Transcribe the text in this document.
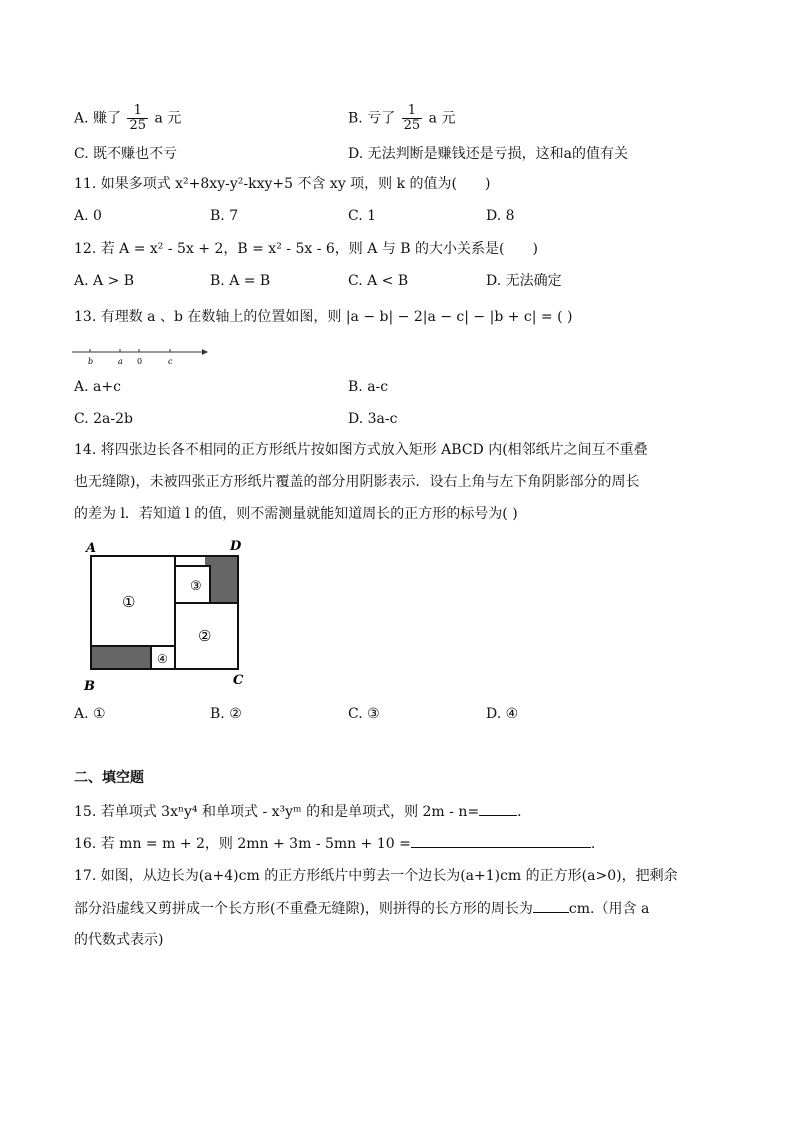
A. 赚了 $\frac{1}{25}$ a 元	B. 亏了 $\frac{1}{25}$ a 元
C. 既不赚也不亏	D. 无法判断是赚钱还是亏损，这和a的值有关
11. 如果多项式 x²+8xy-y²-kxy+5 不含 xy 项，则 k 的值为(　　)
A. 0	B. 7	C. 1	D. 8
12. 若 A = x² - 5x + 2，B = x² - 5x - 6，则 A 与 B 的大小关系是(　　)
A. A > B	B. A = B	C. A < B	D. 无法确定
13. 有理数 a 、b 在数轴上的位置如图，则 |a − b| − 2|a − c| − |b + c| = ( )
b	a 0	c
A. a+c	B. a-c
C. 2a-2b	D. 3a-c
14. 将四张边长各不相同的正方形纸片按如图方式放入矩形 ABCD 内(相邻纸片之间互不重叠
也无缝隙)，未被四张正方形纸片覆盖的部分用阴影表示．设右上角与左下角阴影部分的周长
的差为 l．若知道 l 的值，则不需测量就能知道周长的正方形的标号为( )
①
③
②
④
A	D
B	C
A. ①	B. ②	C. ③	D. ④
二、填空题
15. 若单项式 3xⁿy⁴ 和单项式 - x³yᵐ 的和是单项式，则 2m - n=	.
16. 若 mn = m + 2，则 2mn + 3m - 5mn + 10 =	.
17. 如图，从边长为(a+4)cm 的正方形纸片中剪去一个边长为(a+1)cm 的正方形(a>0)，把剩余
部分沿虚线又剪拼成一个长方形(不重叠无缝隙)，则拼得的长方形的周长为	cm.（用含 a
的代数式表示)
